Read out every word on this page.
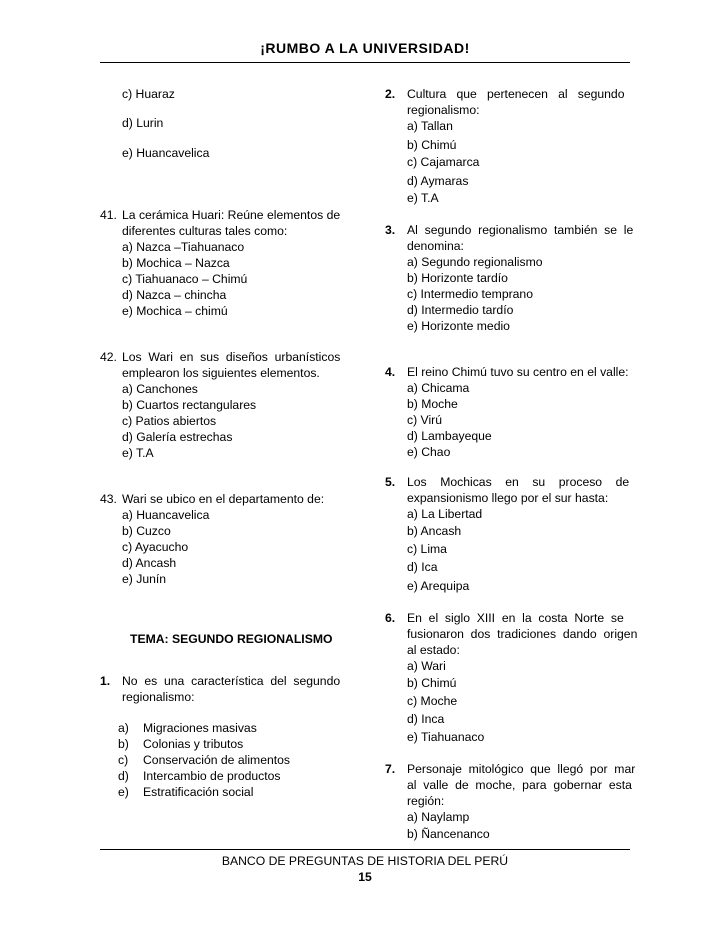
¡RUMBO A LA UNIVERSIDAD!
c) Huaraz
d) Lurin
e) Huancavelica
41. La cerámica Huari: Reúne elementos de
diferentes culturas tales como:
a) Nazca –Tiahuanaco
b) Mochica – Nazca
c) Tiahuanaco – Chimú
d) Nazca – chincha
e) Mochica – chimú
42. Los  Wari  en  sus  diseños  urbanísticos
emplearon los siguientes elementos.
a) Canchones
b) Cuartos rectangulares
c) Patios abiertos
d) Galería estrechas
e) T.A
43. Wari se ubico en el departamento de:
a) Huancavelica
b) Cuzco
c) Ayacucho
d) Ancash
e) Junín
TEMA: SEGUNDO REGIONALISMO
1. No  es  una  característica  del  segundo
regionalismo:
a) Migraciones masivas
b) Colonias y tributos
c) Conservación de alimentos
d) Intercambio de productos
e) Estratificación social
2. Cultura   que   pertenecen   al   segundo
regionalismo:
a) Tallan
b) Chimú
c) Cajamarca
d) Aymaras
e) T.A
3. Al  segundo  regionalismo  también  se  le
denomina:
a) Segundo regionalismo
b) Horizonte tardío
c) Intermedio temprano
d) Intermedio tardío
e) Horizonte medio
4. El reino Chimú tuvo su centro en el valle:
a) Chicama
b) Moche
c) Virú
d) Lambayeque
e) Chao
5. Los    Mochicas    en    su    proceso    de
expansionismo llego por el sur hasta:
a) La Libertad
b) Ancash
c) Lima
d) Ica
e) Arequipa
6. En  el  siglo  XIII  en  la  costa  Norte  se
fusionaron  dos  tradiciones  dando  origen
al estado:
a) Wari
b) Chimú
c) Moche
d) Inca
e) Tiahuanaco
7. Personaje  mitológico  que  llegó  por  mar
al  valle  de  moche,  para  gobernar  esta
región:
a) Naylamp
b) Ñancenanco
BANCO DE PREGUNTAS DE HISTORIA DEL PERÚ
15
